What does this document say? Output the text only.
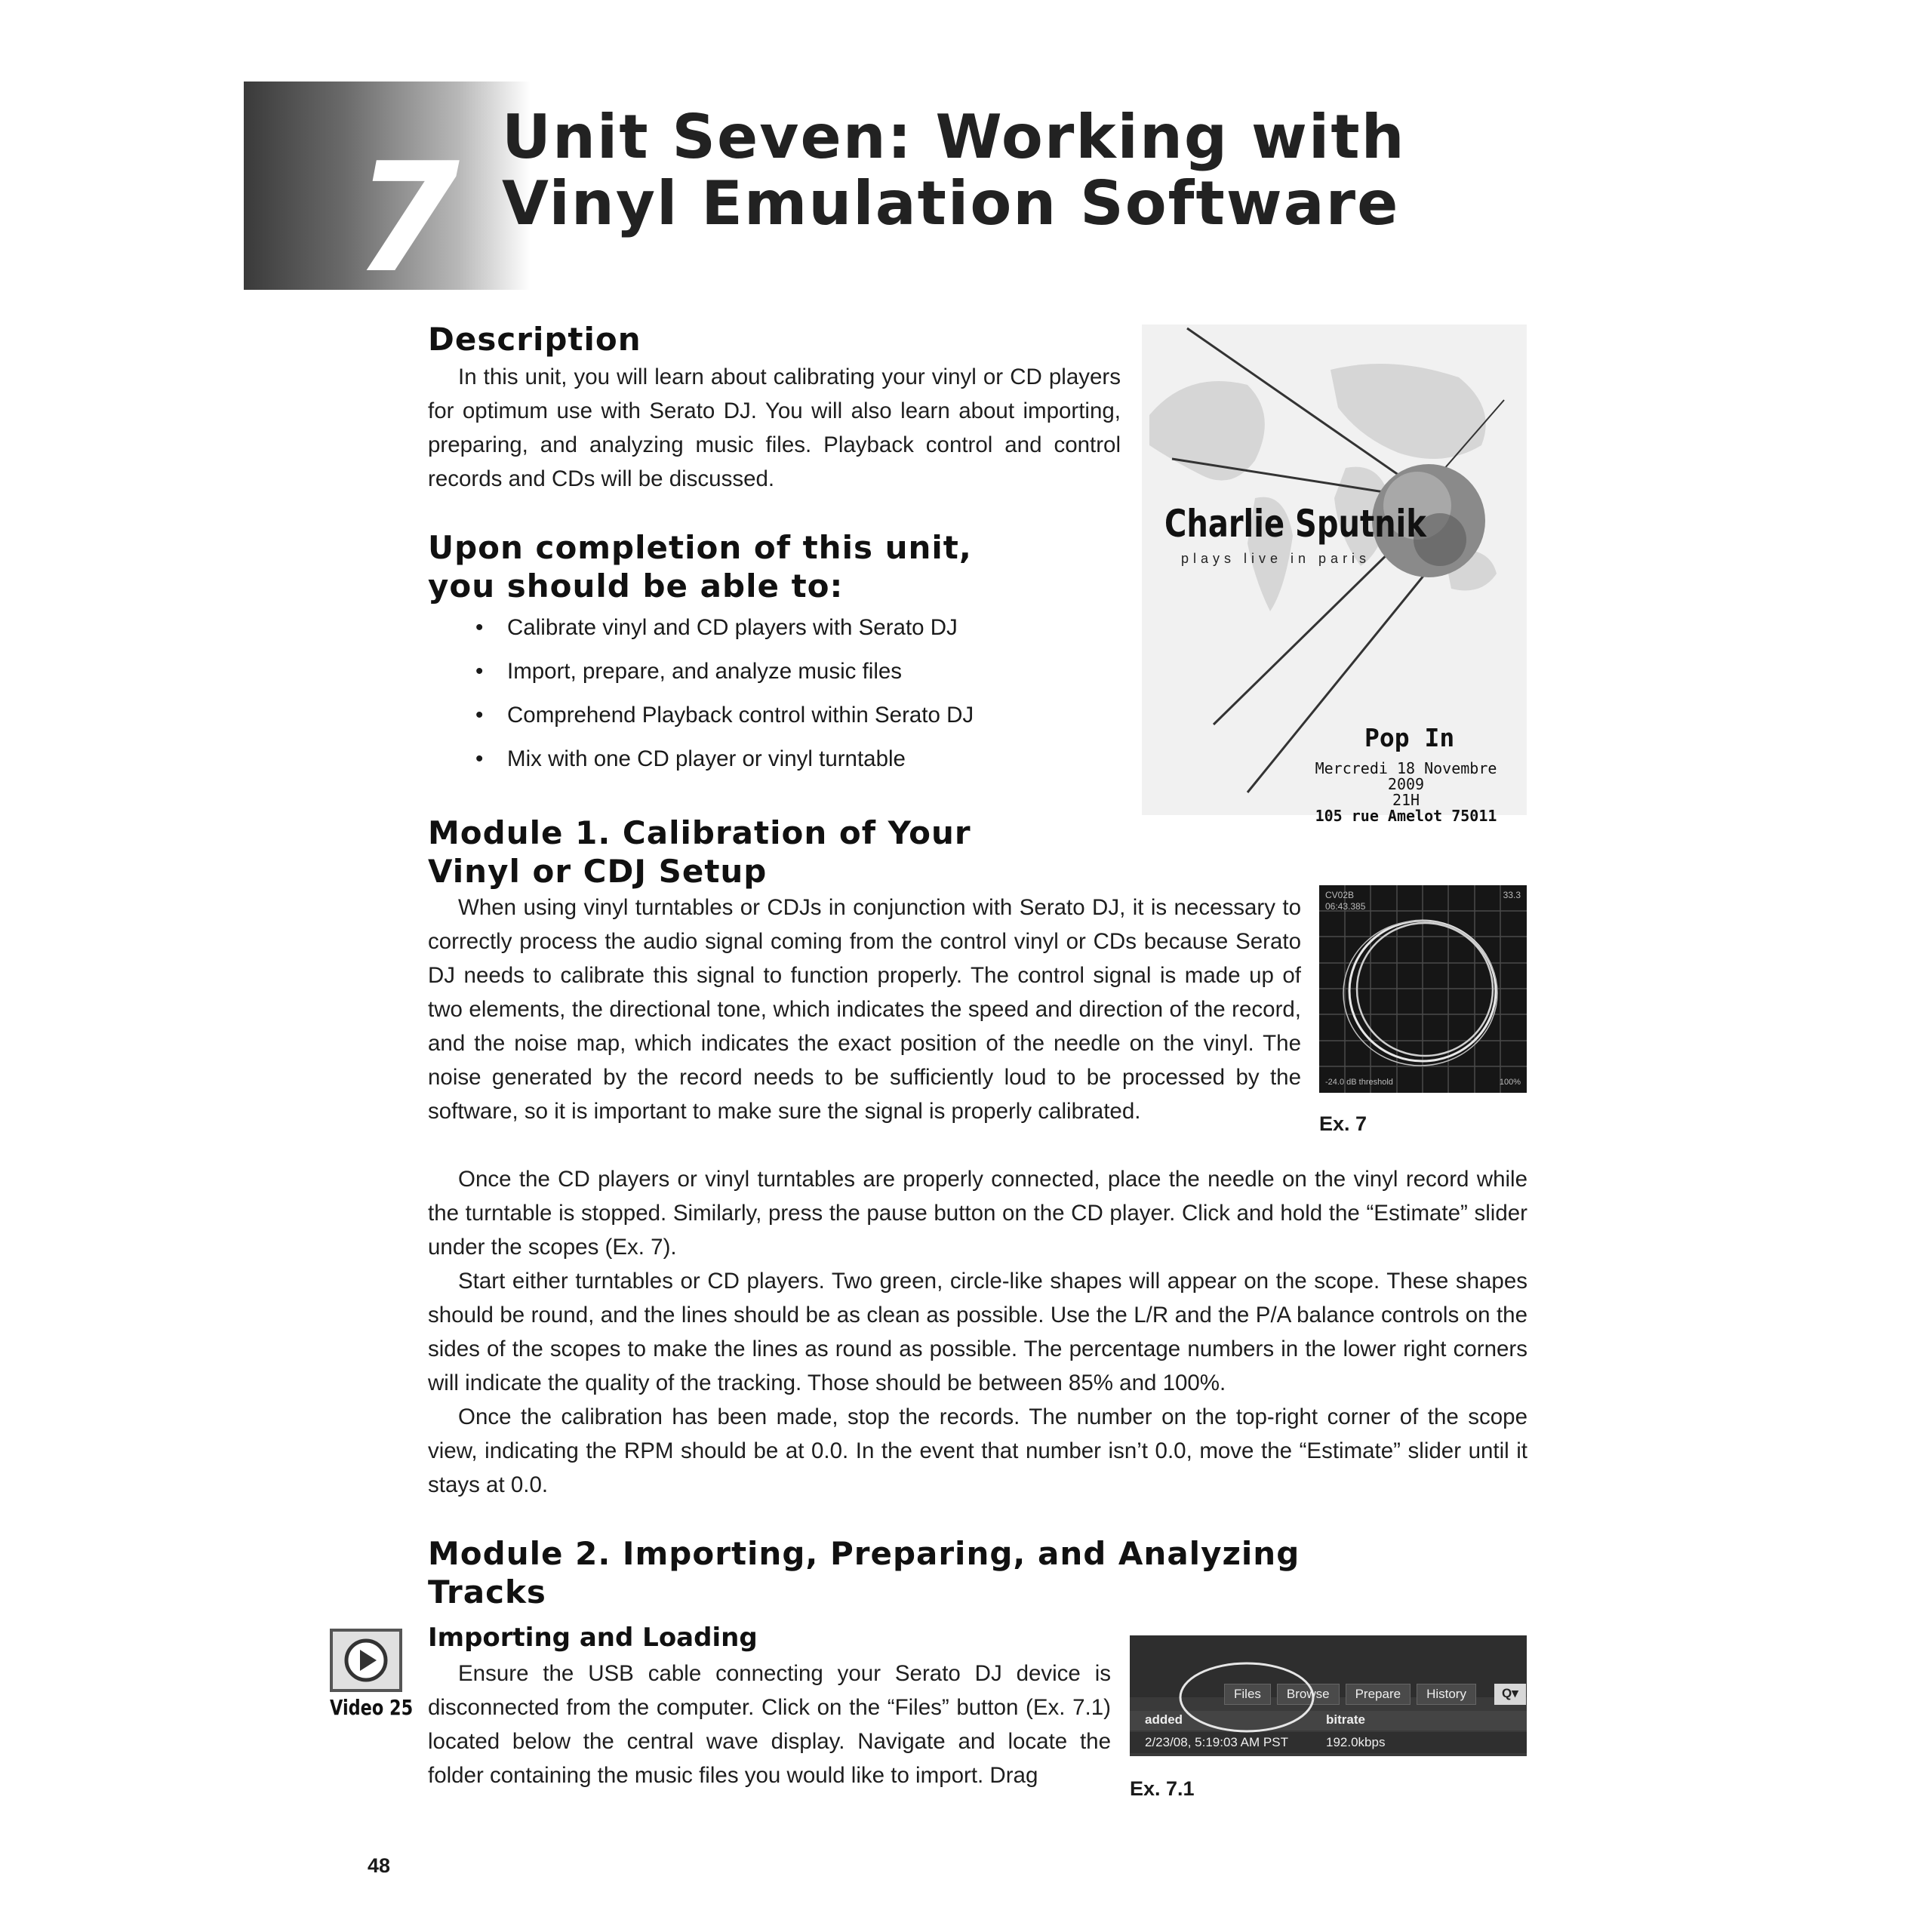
7 Unit Seven: Working with
Vinyl Emulation Software
Description

In this unit, you will learn about calibrating your vinyl or CD players for optimum use with Serato DJ. You will also learn about importing, preparing, and analyzing music files. Playback control and control records and CDs will be discussed.

Upon completion of this unit,
you should be able to:
• Calibrate vinyl and CD players with Serato DJ
• Import, prepare, and analyze music files
• Comprehend Playback control within Serato DJ
• Mix with one CD player or vinyl turntable
Charlie Sputnik
plays live in paris
Pop In
Mercredi 18 Novembre 2009
21H
105 rue Amelot 75011
Module 1. Calibration of Your
Vinyl or CDJ Setup

When using vinyl turntables or CDJs in conjunction with Serato DJ, it is necessary to correctly process the audio signal coming from the control vinyl or CDs because Serato DJ needs to calibrate this signal to function properly. The control signal is made up of two elements, the directional tone, which indicates the speed and direction of the record, and the noise map, which indicates the exact position of the needle on the vinyl. The noise generated by the record needs to be sufficiently loud to be processed by the software, so it is important to make sure the signal is properly calibrated.

CV02B
06:43.385
33.3
-24.0 dB threshold	100%
Ex. 7

Once the CD players or vinyl turntables are properly connected, place the needle on the vinyl record while the turntable is stopped. Similarly, press the pause button on the CD player. Click and hold the “Estimate” slider under the scopes (Ex. 7).

Start either turntables or CD players. Two green, circle-like shapes will appear on the scope. These shapes should be round, and the lines should be as clean as possible. Use the L/R and the P/A balance controls on the sides of the scopes to make the lines as round as possible. The percentage numbers in the lower right corners will indicate the quality of the tracking. Those should be between 85% and 100%.

Once the calibration has been made, stop the records. The number on the top-right corner of the scope view, indicating the RPM should be at 0.0. In the event that number isn’t 0.0, move the “Estimate” slider until it stays at 0.0.

Module 2. Importing, Preparing, and Analyzing
Tracks
Importing and Loading

Ensure the USB cable connecting your Serato DJ device is disconnected from the computer. Click on the “Files” button (Ex. 7.1) located below the central wave display. Navigate and locate the folder containing the music files you would like to import. Drag

Video 25
Files	Browse	Prepare	History	Q▾
added	bitrate
2/23/08, 5:19:03 AM PST	192.0kbps
Ex. 7.1
48
